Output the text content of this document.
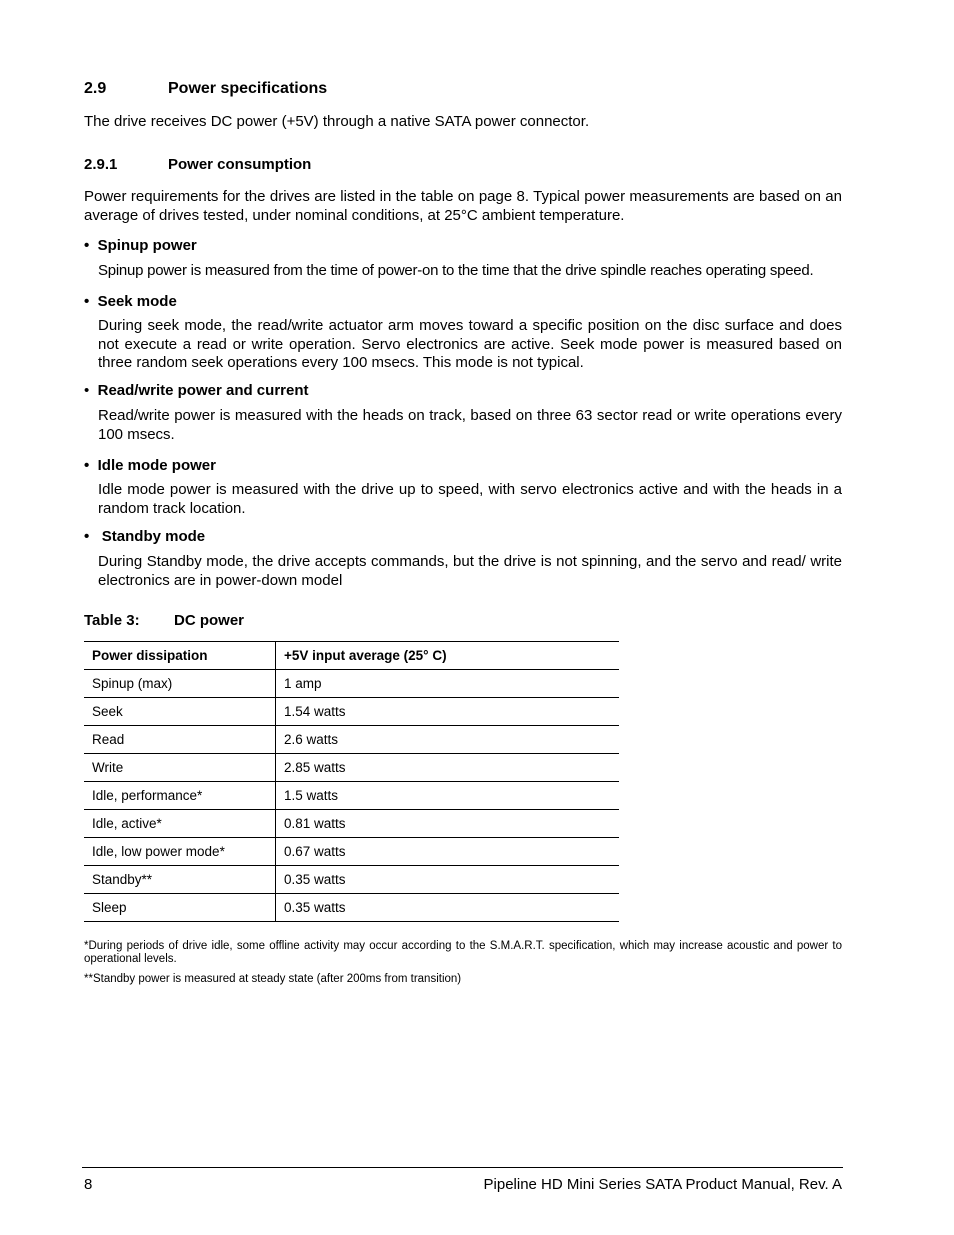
2.9	Power specifications
The drive receives DC power (+5V) through a native SATA power connector.
2.9.1	Power consumption
Power requirements for the drives are listed in the table on page 8. Typical power measurements are based on an average of drives tested, under nominal conditions, at 25°C ambient temperature.
• Spinup power
Spinup power is measured from the time of power-on to the time that the drive spindle reaches operating speed.
• Seek mode
During seek mode, the read/write actuator arm moves toward a specific position on the disc surface and does not execute a read or write operation. Servo electronics are active. Seek mode power is measured based on three random seek operations every 100 msecs. This mode is not typical.
• Read/write power and current
Read/write power is measured with the heads on track, based on three 63 sector read or write operations every 100 msecs.
• Idle mode power
Idle mode power is measured with the drive up to speed, with servo electronics active and with the heads in a random track location.
• Standby mode
During Standby mode, the drive accepts commands, but the drive is not spinning, and the servo and read/ write electronics are in power-down model
Table 3: DC power
Power dissipation	+5V input average (25° C)
Spinup (max)	1 amp
Seek	1.54 watts
Read	2.6 watts
Write	2.85 watts
Idle, performance*	1.5 watts
Idle, active*	0.81 watts
Idle, low power mode*	0.67 watts
Standby**	0.35 watts
Sleep	0.35 watts
*During periods of drive idle, some offline activity may occur according to the S.M.A.R.T. specification, which may increase acoustic and power to operational levels.
**Standby power is measured at steady state (after 200ms from transition)
8	Pipeline HD Mini Series SATA Product Manual, Rev. A
